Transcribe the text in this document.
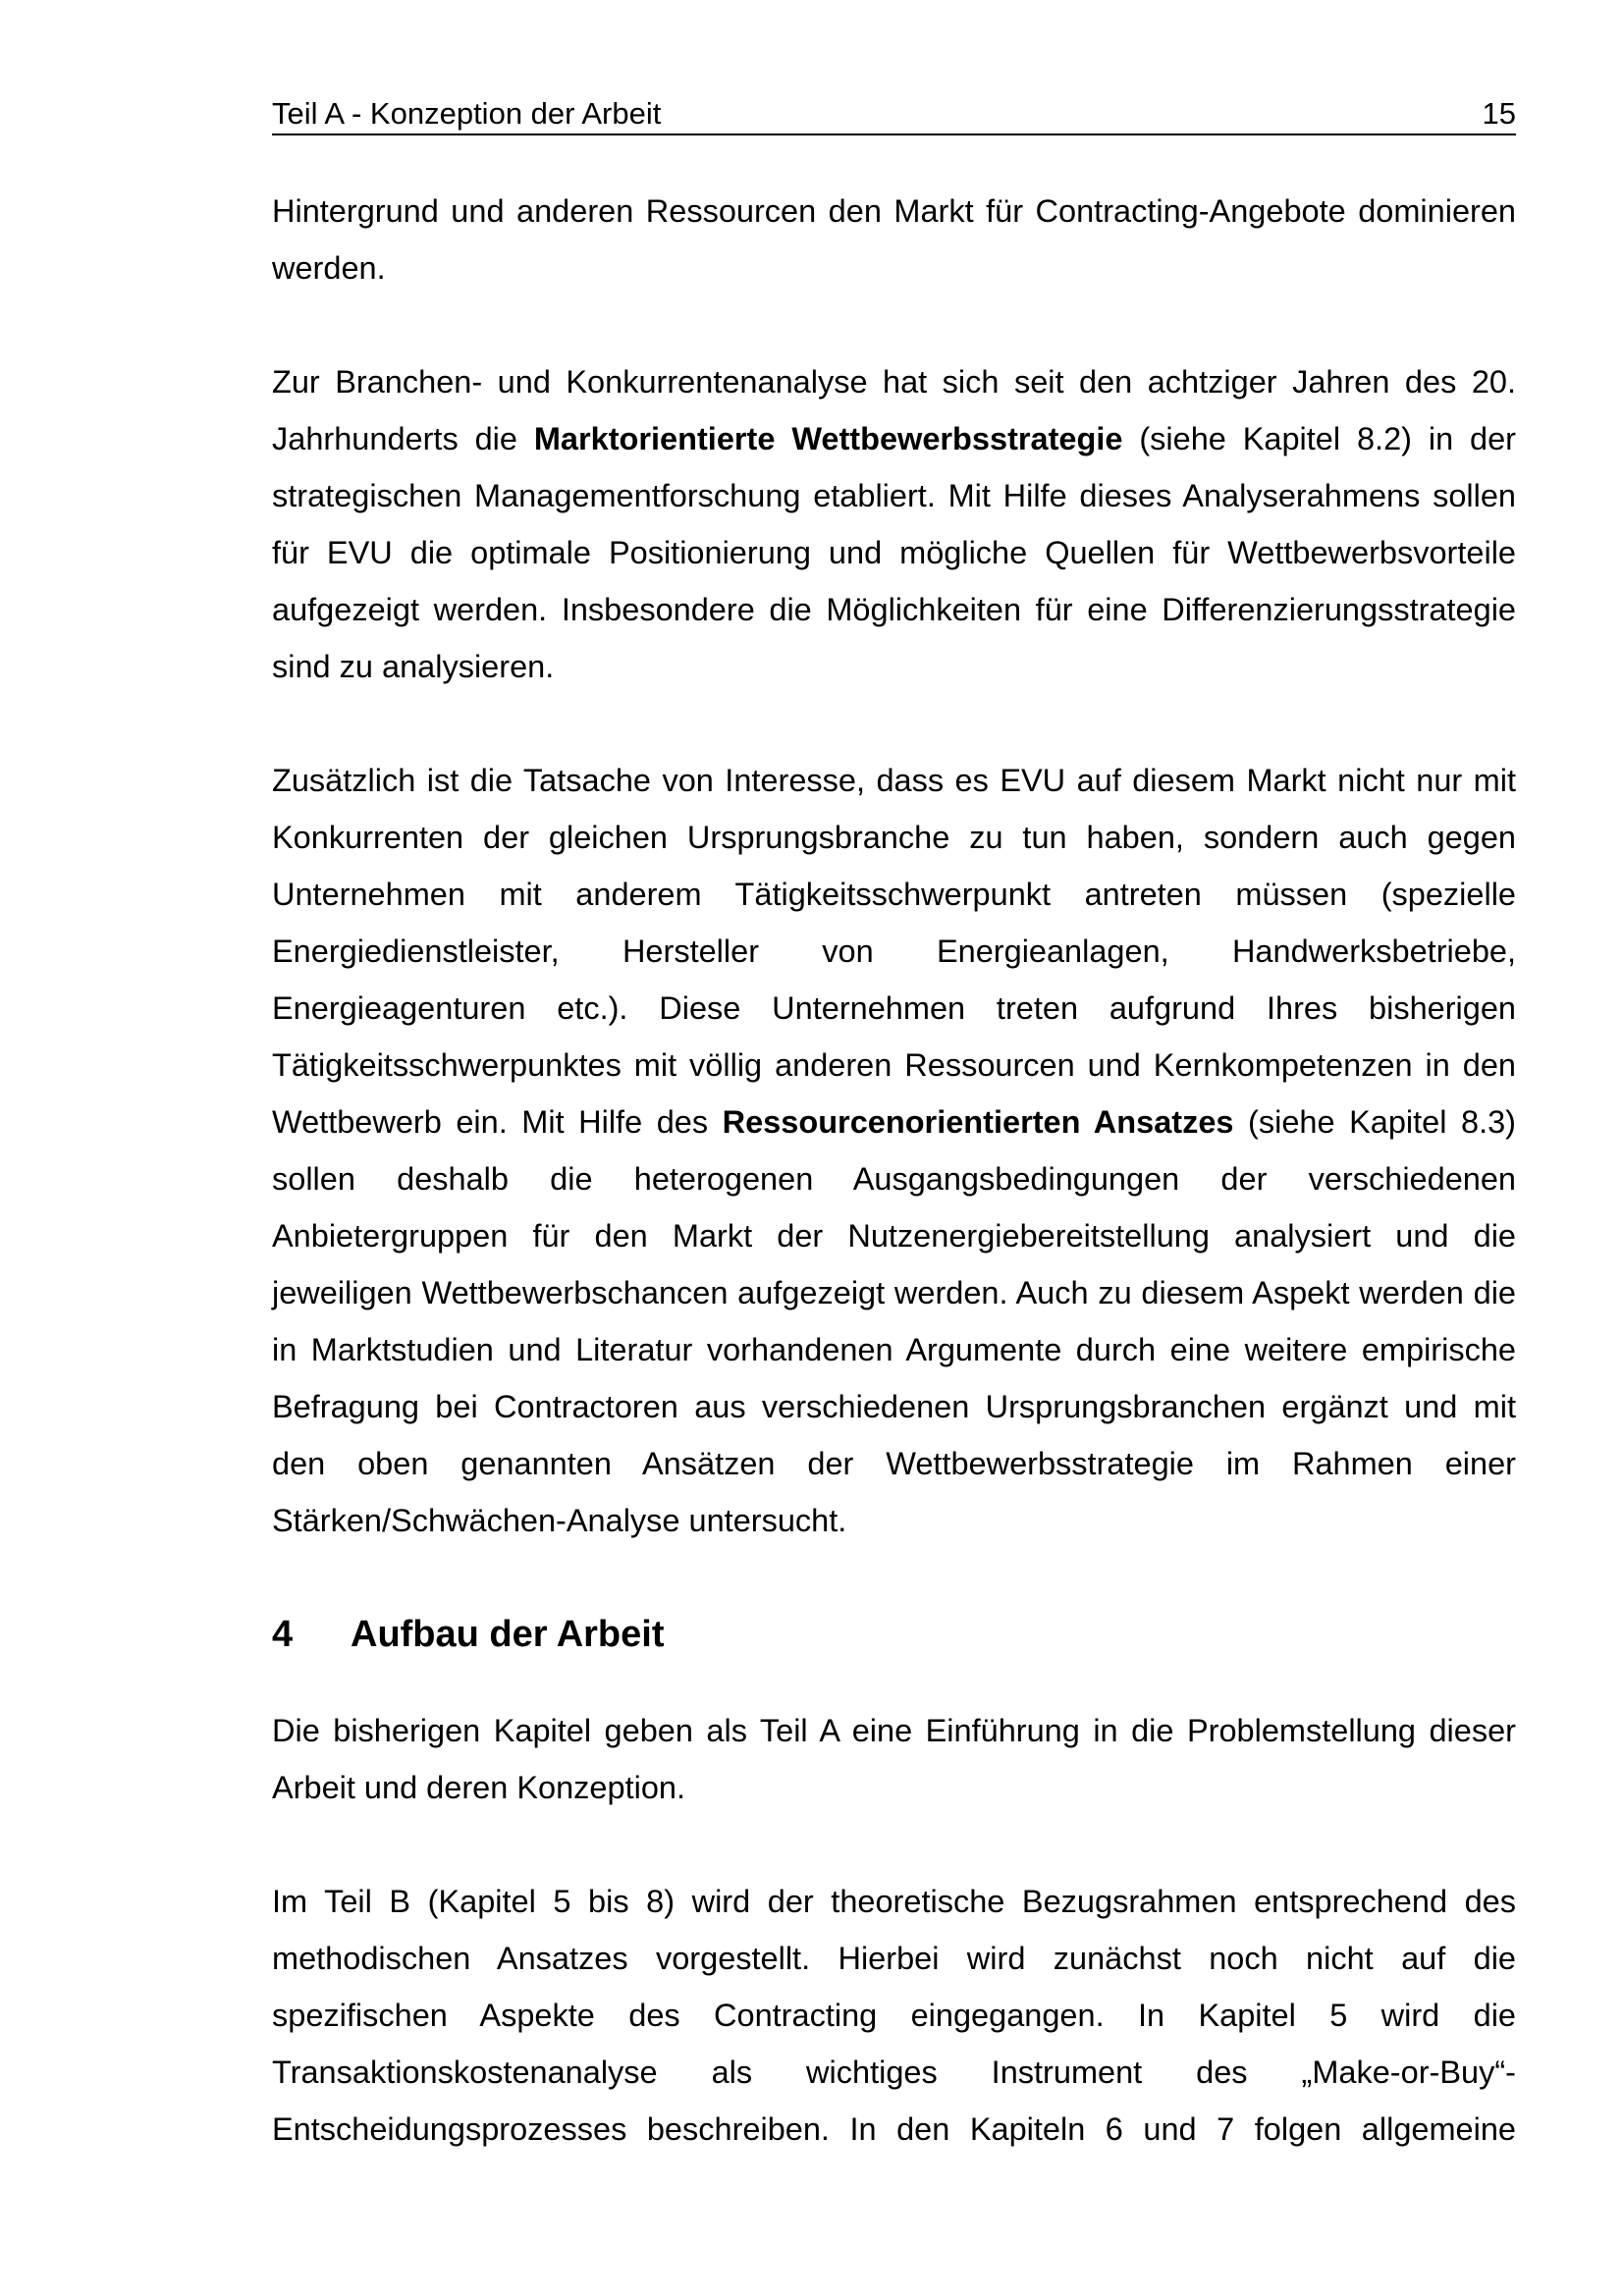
Teil A - Konzeption der Arbeit	15

Hintergrund und anderen Ressourcen den Markt für Contracting-Angebote dominieren werden.

Zur Branchen- und Konkurrentenanalyse hat sich seit den achtziger Jahren des 20. Jahrhunderts die Marktorientierte Wettbewerbsstrategie (siehe Kapitel 8.2) in der strategischen Managementforschung etabliert. Mit Hilfe dieses Analyserahmens sollen für EVU die optimale Positionierung und mögliche Quellen für Wettbewerbsvorteile aufgezeigt werden. Insbesondere die Möglichkeiten für eine Differenzierungsstrategie sind zu analysieren.

Zusätzlich ist die Tatsache von Interesse, dass es EVU auf diesem Markt nicht nur mit Konkurrenten der gleichen Ursprungsbranche zu tun haben, sondern auch gegen Unternehmen mit anderem Tätigkeitsschwerpunkt antreten müssen (spezielle Energiedienstleister, Hersteller von Energieanlagen, Handwerksbetriebe, Energieagenturen etc.). Diese Unternehmen treten aufgrund Ihres bisherigen Tätigkeitsschwerpunktes mit völlig anderen Ressourcen und Kernkompetenzen in den Wettbewerb ein. Mit Hilfe des Ressourcenorientierten Ansatzes (siehe Kapitel 8.3) sollen deshalb die heterogenen Ausgangsbedingungen der verschiedenen Anbietergruppen für den Markt der Nutzenergiebereitstellung analysiert und die jeweiligen Wettbewerbschancen aufgezeigt werden. Auch zu diesem Aspekt werden die in Marktstudien und Literatur vorhandenen Argumente durch eine weitere empirische Befragung bei Contractoren aus verschiedenen Ursprungsbranchen ergänzt und mit den oben genannten Ansätzen der Wettbewerbsstrategie im Rahmen einer Stärken/Schwächen-Analyse untersucht.

4 Aufbau der Arbeit

Die bisherigen Kapitel geben als Teil A eine Einführung in die Problemstellung dieser Arbeit und deren Konzeption.

Im Teil B (Kapitel 5 bis 8) wird der theoretische Bezugsrahmen entsprechend des methodischen Ansatzes vorgestellt. Hierbei wird zunächst noch nicht auf die spezifischen Aspekte des Contracting eingegangen. In Kapitel 5 wird die Transaktionskostenanalyse als wichtiges Instrument des „Make-or-Buy“-Entscheidungsprozesses beschreiben. In den Kapiteln 6 und 7 folgen allgemeine
